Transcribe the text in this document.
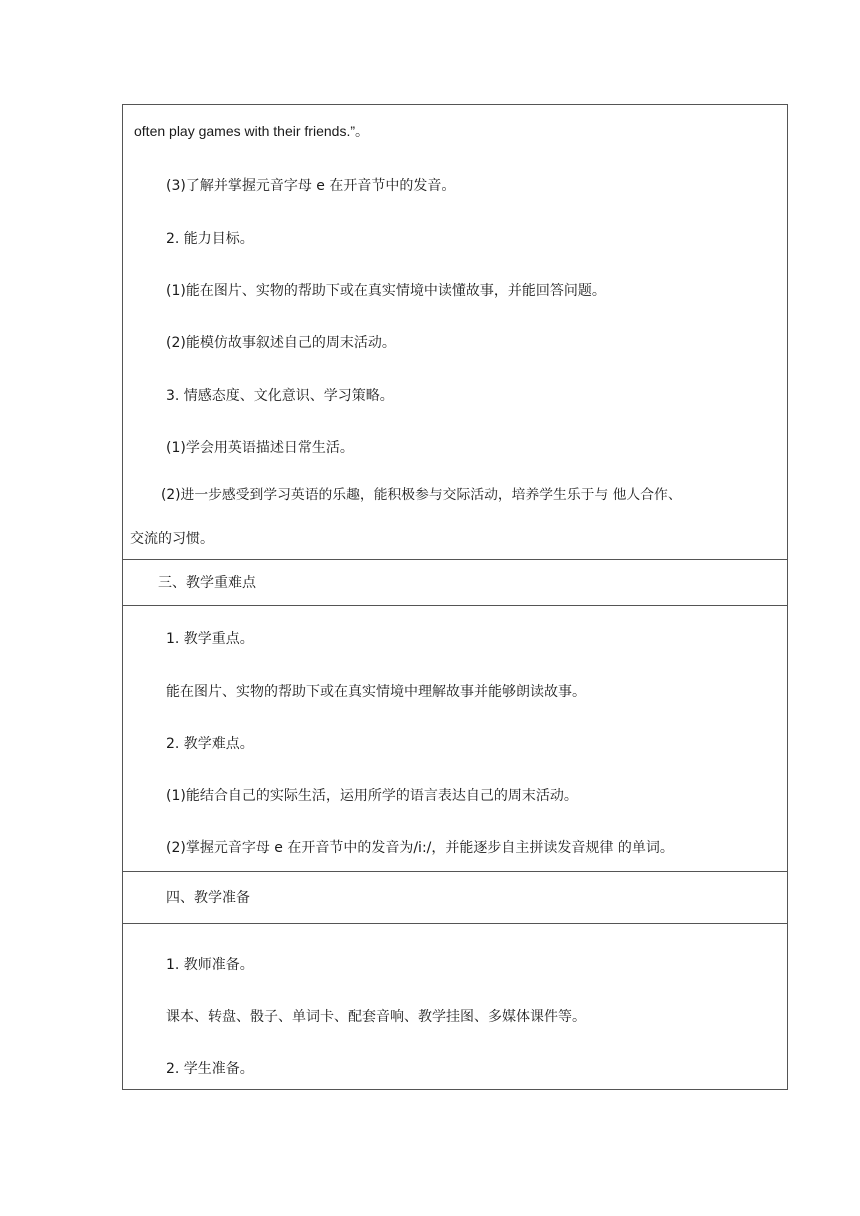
often play games with their friends.”。
(3)了解并掌握元音字母 e 在开音节中的发音。
2. 能力目标。
(1)能在图片、实物的帮助下或在真实情境中读懂故事，并能回答问题。
(2)能模仿故事叙述自己的周末活动。
3. 情感态度、文化意识、学习策略。
(1)学会用英语描述日常生活。
(2)进一步感受到学习英语的乐趣，能积极参与交际活动，培养学生乐于与 他人合作、
交流的习惯。
三、教学重难点
1. 教学重点。
能在图片、实物的帮助下或在真实情境中理解故事并能够朗读故事。
2. 教学难点。
(1)能结合自己的实际生活，运用所学的语言表达自己的周末活动。
(2)掌握元音字母 e 在开音节中的发音为/i:/，并能逐步自主拼读发音规律 的单词。
四、教学准备
1. 教师准备。
课本、转盘、骰子、单词卡、配套音响、教学挂图、多媒体课件等。
2. 学生准备。
